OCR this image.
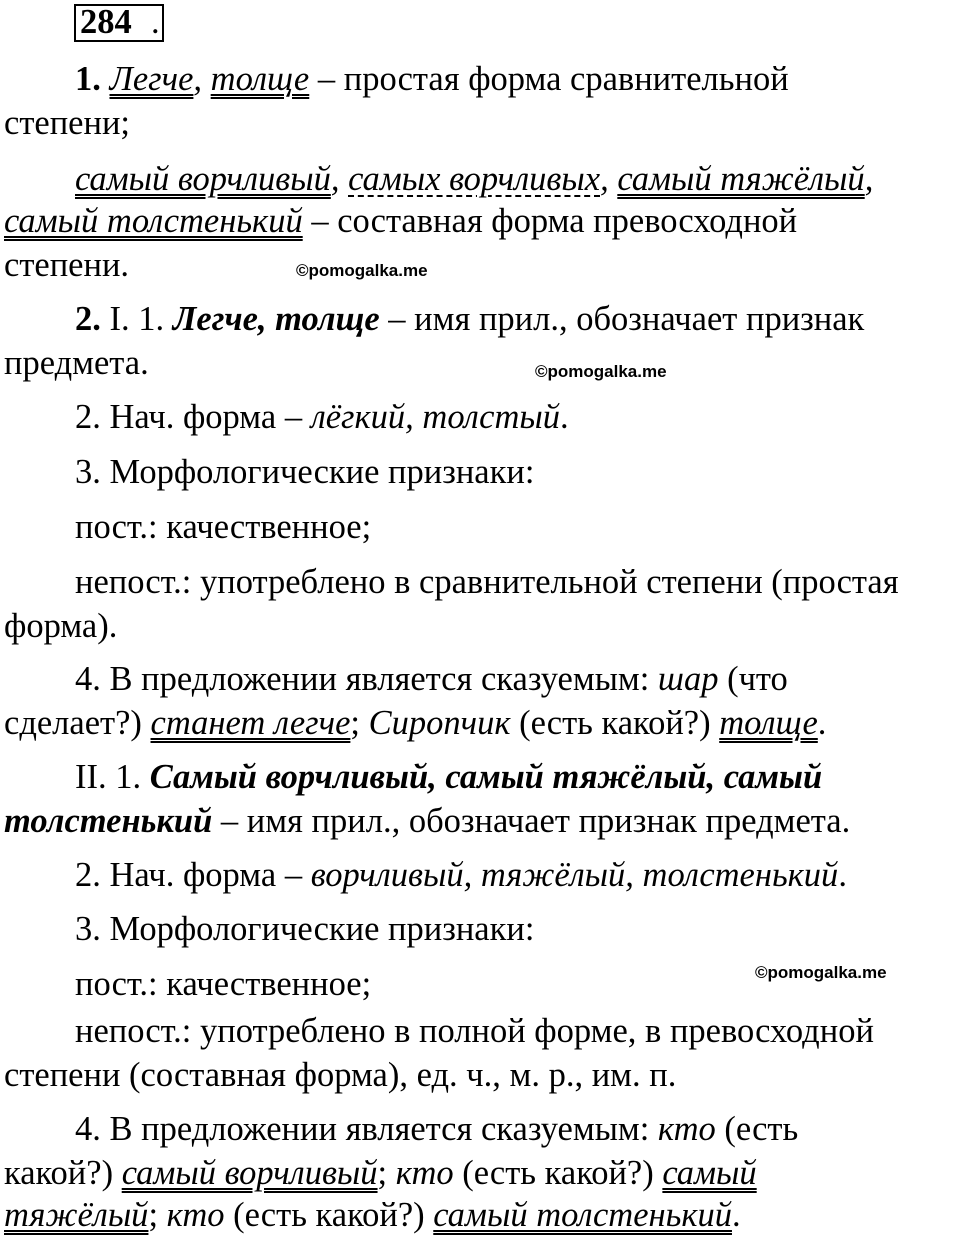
284 .

1. Легче, толще – простая форма сравнительной

степени;

самый ворчливый, самых ворчливых, самый тяжёлый,

самый толстенький – составная форма превосходной

степени.	©pomogalka.me

2. I. 1. Легче, толще – имя прил., обозначает признак

предмета.	©pomogalka.me

2. Нач. форма – лёгкий, толстый.

3. Морфологические признаки:

пост.: качественное;

непост.: употреблено в сравнительной степени (простая

форма).

4. В предложении является сказуемым: шар (что

сделает?) станет легче; Сиропчик (есть какой?) толще.

II. 1. Самый ворчливый, самый тяжёлый, самый

толстенький – имя прил., обозначает признак предмета.

2. Нач. форма – ворчливый, тяжёлый, толстенький.

3. Морфологические признаки:

пост.: качественное;	©pomogalka.me

непост.: употреблено в полной форме, в превосходной

степени (составная форма), ед. ч., м. р., им. п.

4. В предложении является сказуемым: кто (есть

какой?) самый ворчливый; кто (есть какой?) самый

тяжёлый; кто (есть какой?) самый толстенький.
